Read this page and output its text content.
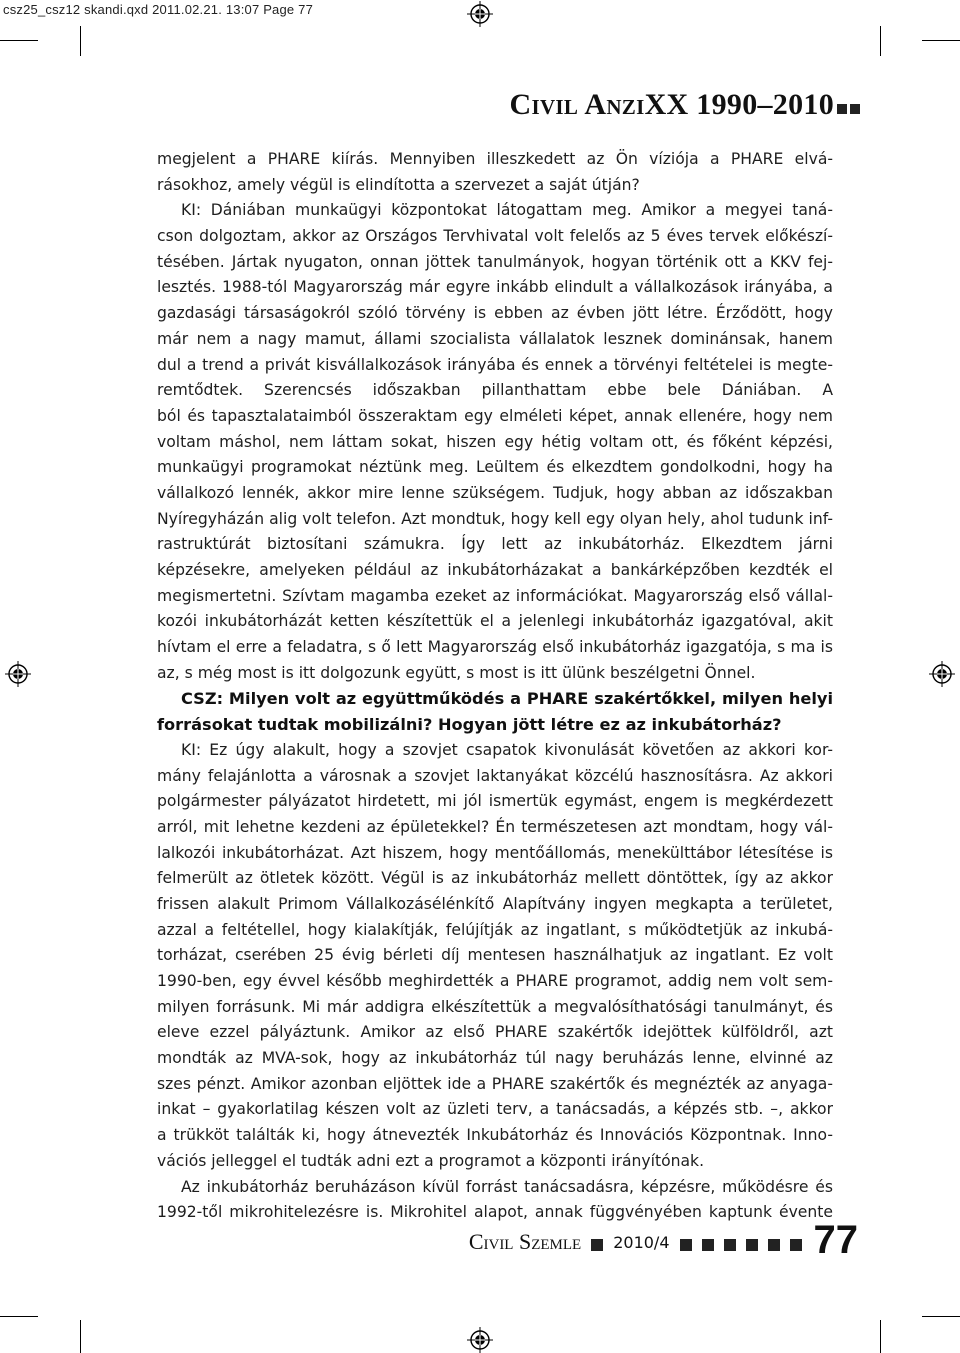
csz25_csz12 skandi.qxd 2011.02.21. 13:07 Page 77
Civil AnziXX 1990–2010
megjelent a PHARE kiírás. Mennyiben illeszkedett az Ön víziója a PHARE elvá-
rásokhoz, amely végül is elindította a szervezet a saját útján?
KI: Dániában munkaügyi központokat látogattam meg. Amikor a megyei taná-
cson dolgoztam, akkor az Országos Tervhivatal volt felelős az 5 éves tervek előkészí-
tésében. Jártak nyugaton, onnan jöttek tanulmányok, hogyan történik ott a KKV fej-
lesztés. 1988-tól Magyarország már egyre inkább elindult a vállalkozások irányába, a
gazdasági társaságokról szóló törvény is ebben az évben jött létre. Érződött, hogy
már nem a nagy mamut, állami szocialista vállalatok lesznek dominánsak, hanem
dul a trend a privát kisvállalkozások irányába és ennek a törvényi feltételei is megte-
remtődtek. Szerencsés időszakban pillanthattam ebbe bele Dániában. A
ból és tapasztalataimból összeraktam egy elméleti képet, annak ellenére, hogy nem
voltam máshol, nem láttam sokat, hiszen egy hétig voltam ott, és főként képzési,
munkaügyi programokat néztünk meg. Leültem és elkezdtem gondolkodni, hogy ha
vállalkozó lennék, akkor mire lenne szükségem. Tudjuk, hogy abban az időszakban
Nyíregyházán alig volt telefon. Azt mondtuk, hogy kell egy olyan hely, ahol tudunk inf-
rastruktúrát biztosítani számukra. Így lett az inkubátorház. Elkezdtem járni
képzésekre, amelyeken például az inkubátorházakat a bankárképzőben kezdték el
megismertetni. Szívtam magamba ezeket az információkat. Magyarország első vállal-
kozói inkubátorházát ketten készítettük el a jelenlegi inkubátorház igazgatóval, akit
hívtam el erre a feladatra, s ő lett Magyarország első inkubátorház igazgatója, s ma is
az, s még most is itt dolgozunk együtt, s most is itt ülünk beszélgetni Önnel.
CSZ: Milyen volt az együttműködés a PHARE szakértőkkel, milyen helyi
forrásokat tudtak mobilizálni? Hogyan jött létre ez az inkubátorház?
KI: Ez úgy alakult, hogy a szovjet csapatok kivonulását követően az akkori kor-
mány felajánlotta a városnak a szovjet laktanyákat közcélú hasznosításra. Az akkori
polgármester pályázatot hirdetett, mi jól ismertük egymást, engem is megkérdezett
arról, mit lehetne kezdeni az épületekkel? Én természetesen azt mondtam, hogy vál-
lalkozói inkubátorházat. Azt hiszem, hogy mentőállomás, menekülttábor létesítése is
felmerült az ötletek között. Végül is az inkubátorház mellett döntöttek, így az akkor
frissen alakult Primom Vállalkozásélénkítő Alapítvány ingyen megkapta a területet,
azzal a feltétellel, hogy kialakítják, felújítják az ingatlant, s működtetjük az inkubá-
torházat, cserében 25 évig bérleti díj mentesen használhatjuk az ingatlant. Ez volt
1990-ben, egy évvel később meghirdették a PHARE programot, addig nem volt sem-
milyen forrásunk. Mi már addigra elkészítettük a megvalósíthatósági tanulmányt, és
eleve ezzel pályáztunk. Amikor az első PHARE szakértők idejöttek külföldről, azt
mondták az MVA-sok, hogy az inkubátorház túl nagy beruházás lenne, elvinné az
szes pénzt. Amikor azonban eljöttek ide a PHARE szakértők és megnézték az anyaga-
inkat – gyakorlatilag készen volt az üzleti terv, a tanácsadás, a képzés stb. –, akkor
a trükköt találták ki, hogy átnevezték Inkubátorház és Innovációs Központnak. Inno-
vációs jelleggel el tudták adni ezt a programot a központi irányítónak.
Az inkubátorház beruházáson kívül forrást tanácsadásra, képzésre, működésre és
1992-től mikrohitelezésre is. Mikrohitel alapot, annak függvényében kaptunk évente
Civil Szemle 2010/4	77
